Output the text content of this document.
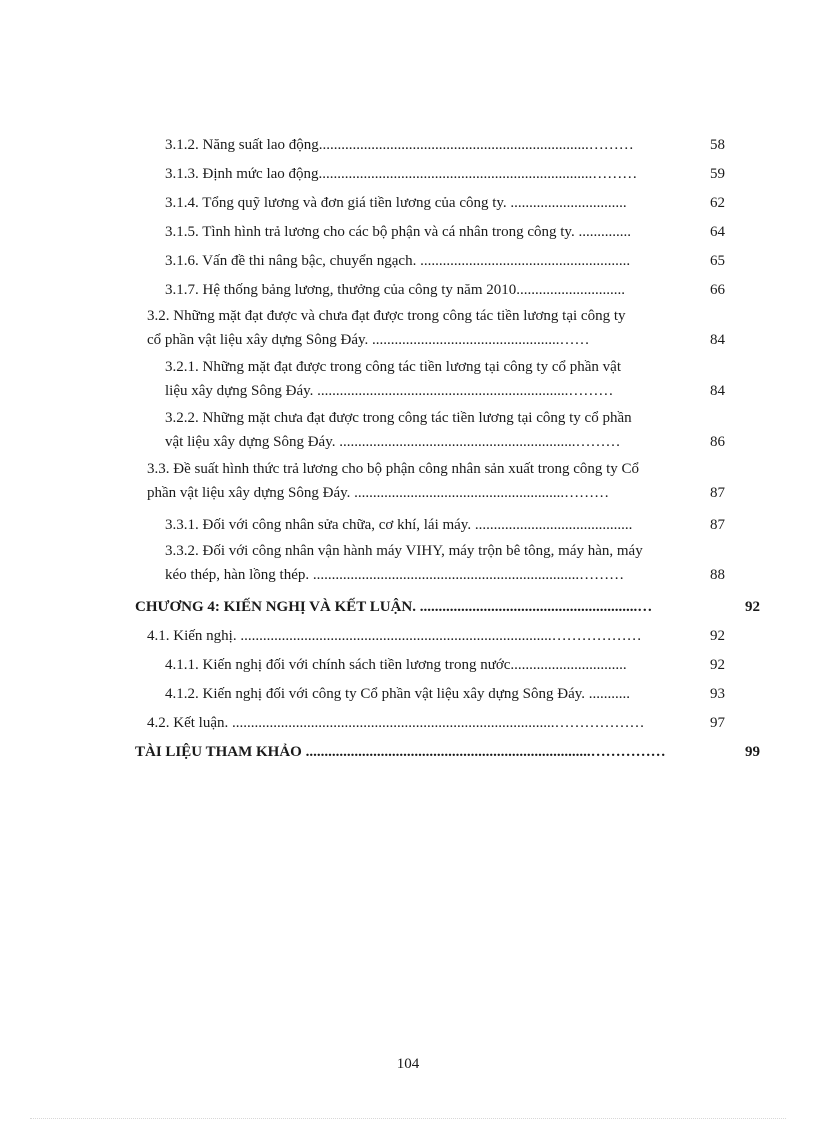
3.1.2. Năng suất lao động........................................................................………	58
3.1.3. Định mức lao động.........................................................................………	59
3.1.4. Tổng quỹ lương và đơn giá tiền lương của công ty. ...............................	62
3.1.5. Tình hình trả lương cho các bộ phận và cá nhân trong công ty. ..............	64
3.1.6. Vấn đề thi nâng bậc, chuyển ngạch. ........................................................	65
3.1.7. Hệ thống bảng lương, thưởng của công ty năm 2010.............................	66
3.2. Những mặt đạt được và chưa đạt được trong công tác tiền lương tại công ty
cổ phần vật liệu xây dựng Sông Đáy. ..................................................……	84
3.2.1. Những mặt đạt được trong công tác tiền lương tại công ty cổ phần vật
liệu xây dựng Sông Đáy. ...................................................................………	84
3.2.2. Những mặt chưa đạt được trong công tác tiền lương tại công ty cổ phần
vật liệu xây dựng Sông Đáy. ...............................................................………	86
3.3. Đề suất hình thức trả lương cho bộ phận công nhân sản xuất trong công ty Cổ
phần vật liệu xây dựng Sông Đáy. ........................................................………	87
3.3.1. Đối với công nhân sửa chữa, cơ khí, lái máy. ..........................................	87
3.3.2. Đối với công nhân vận hành máy VIHY, máy trộn bê tông, máy hàn, máy
kéo thép, hàn lồng thép. .......................................................................………	88
CHƯƠNG 4: KIẾN NGHỊ VÀ KẾT LUẬN. ..........................................................…	92
4.1. Kiến nghị. ...................................................................................………………	92
4.1.1. Kiến nghị đối với chính sách tiền lương trong nước...............................	92
4.1.2. Kiến nghị đối với công ty Cổ phần vật liệu xây dựng Sông Đáy. ...........	93
4.2. Kết luận. ......................................................................................………………	97
TÀI LIỆU THAM KHẢO ............................................................................……………	99
104
